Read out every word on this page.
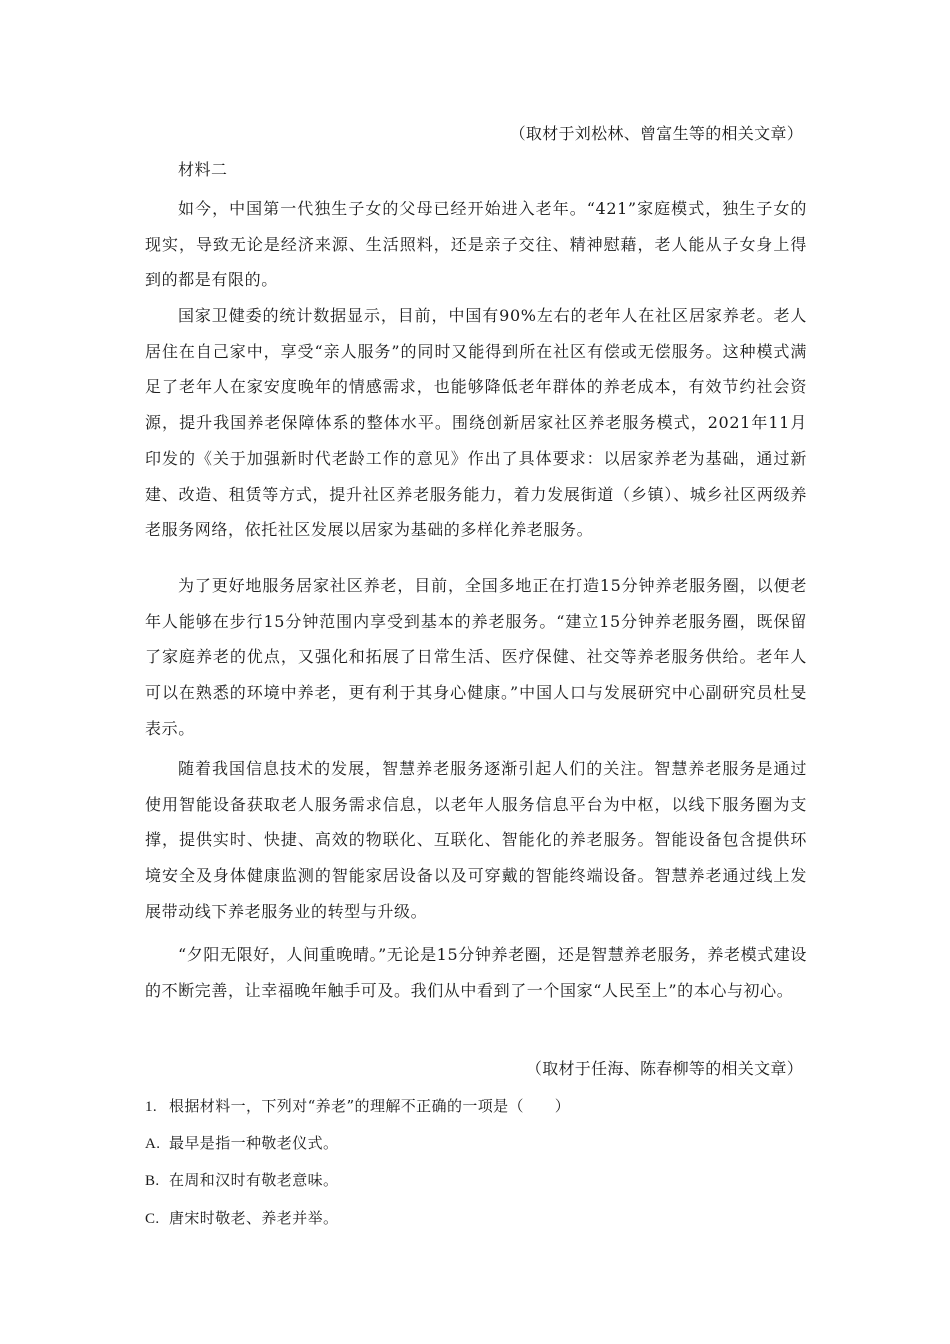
（取材于刘松林、曾富生等的相关文章）
材料二

如今，中国第一代独生子女的父母已经开始进入老年。“421”家庭模式，独生子女的现实，导致无论是经济来源、生活照料，还是亲子交往、精神慰藉，老人能从子女身上得到的都是有限的。

国家卫健委的统计数据显示，目前，中国有90%左右的老年人在社区居家养老。老人居住在自己家中，享受“亲人服务”的同时又能得到所在社区有偿或无偿服务。这种模式满足了老年人在家安度晚年的情感需求，也能够降低老年群体的养老成本，有效节约社会资源，提升我国养老保障体系的整体水平。围绕创新居家社区养老服务模式，2021年11月印发的《关于加强新时代老龄工作的意见》作出了具体要求：以居家养老为基础，通过新建、改造、租赁等方式，提升社区养老服务能力，着力发展街道（乡镇）、城乡社区两级养老服务网络，依托社区发展以居家为基础的多样化养老服务。

为了更好地服务居家社区养老，目前，全国多地正在打造15分钟养老服务圈，以便老年人能够在步行15分钟范围内享受到基本的养老服务。“建立15分钟养老服务圈，既保留了家庭养老的优点，又强化和拓展了日常生活、医疗保健、社交等养老服务供给。老年人可以在熟悉的环境中养老，更有利于其身心健康。”中国人口与发展研究中心副研究员杜旻表示。

随着我国信息技术的发展，智慧养老服务逐渐引起人们的关注。智慧养老服务是通过使用智能设备获取老人服务需求信息，以老年人服务信息平台为中枢，以线下服务圈为支撑，提供实时、快捷、高效的物联化、互联化、智能化的养老服务。智能设备包含提供环境安全及身体健康监测的智能家居设备以及可穿戴的智能终端设备。智慧养老通过线上发展带动线下养老服务业的转型与升级。

“夕阳无限好，人间重晚晴。”无论是15分钟养老圈，还是智慧养老服务，养老模式建设的不断完善，让幸福晚年触手可及。我们从中看到了一个国家“人民至上”的本心与初心。

（取材于任海、陈春柳等的相关文章）
1. 根据材料一，下列对“养老”的理解不正确的一项是（　　）
A. 最早是指一种敬老仪式。
B. 在周和汉时有敬老意味。
C. 唐宋时敬老、养老并举。
